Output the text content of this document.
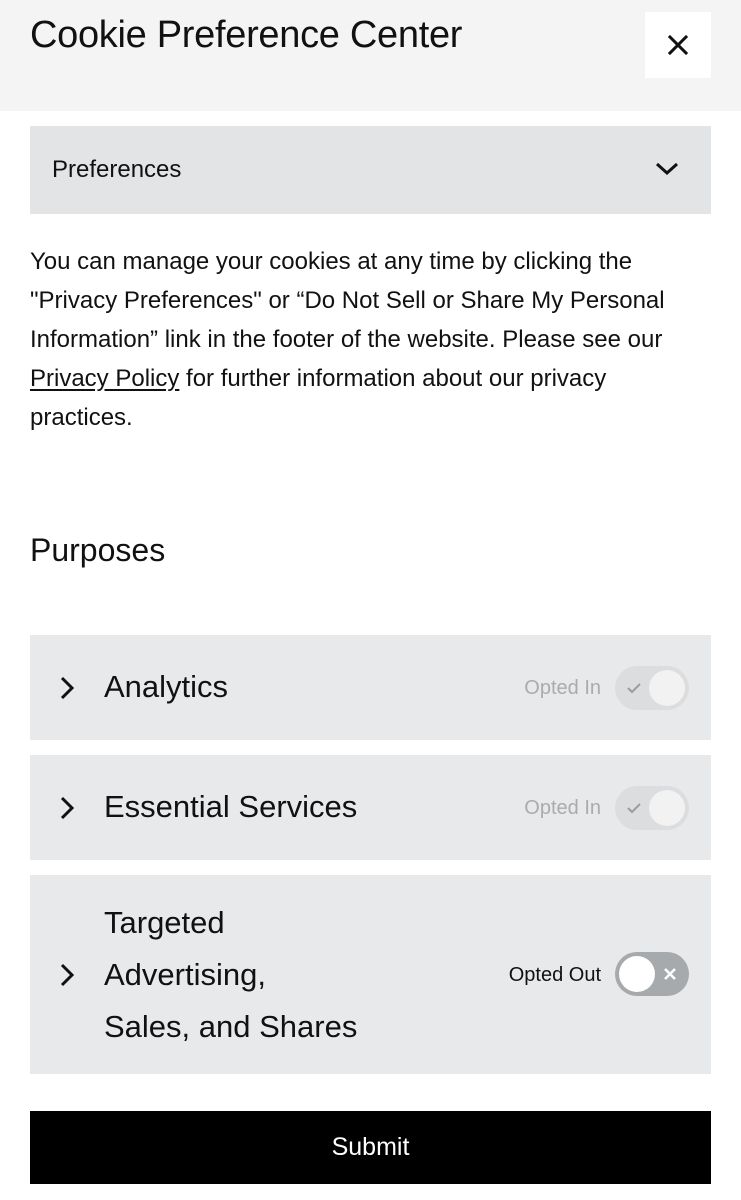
Cookie Preference Center
Preferences

You can manage your cookies at any time by clicking the "Privacy Preferences" or “Do Not Sell or Share My Personal Information” link in the footer of the website. Please see our Privacy Policy for further information about our privacy practices.

Purposes
Analytics	Opted In
Essential Services	Opted In
Targeted
Advertising,
Sales, and Shares
Opted Out
Submit
